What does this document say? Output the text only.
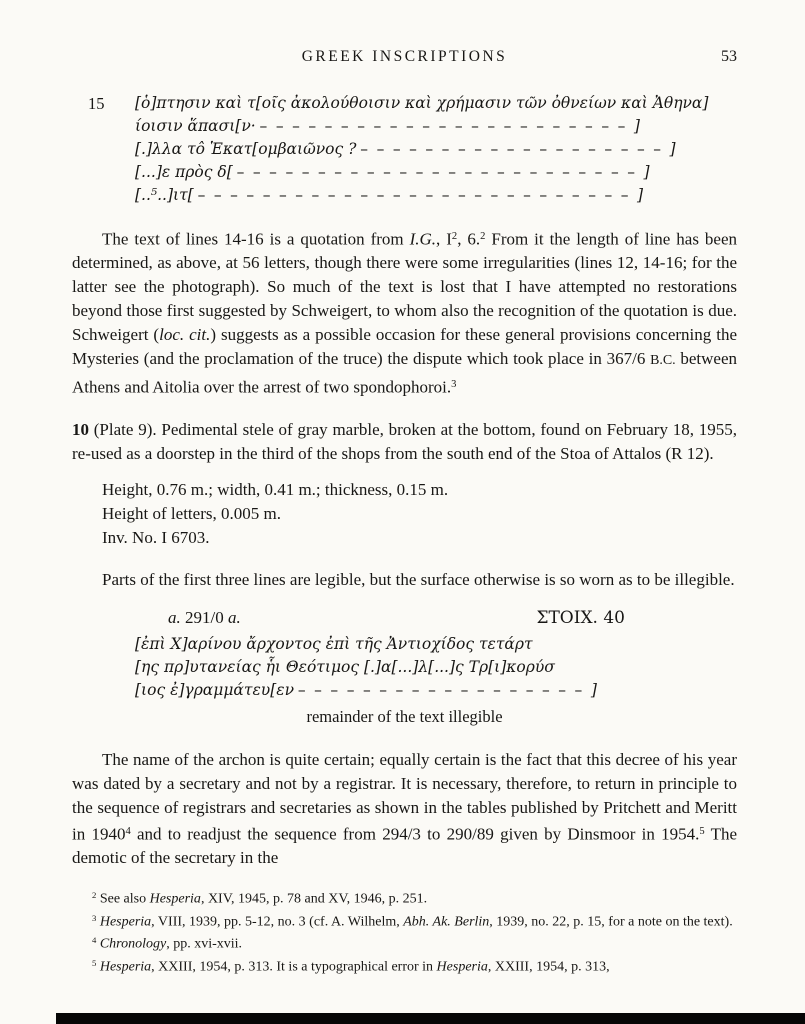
GREEK INSCRIPTIONS	53
15	[ὁ]πτησιν καὶ τ[οῖς ἀκολούθοισιν καὶ χρήμασιν τῶν ὀθνείων καὶ Ἀθηνα]
ίοισιν ἅπασι[ν· –––––––––––––––––––––––]
[.]λλα τô Ἑκατ[ομβαιῶνος ? –––––––––––––––––––]
[...]ε πρὸς δ[ –––––––––––––––––––––––––]
[..⁵..]ιτ[ –––––––––––––––––––––––––––]

The text of lines 14-16 is a quotation from I.G., $I^2$, 6.$^2$ From it the length of line has been determined, as above, at 56 letters, though there were some irregularities (lines 12, 14-16; for the latter see the photograph). So much of the text is lost that I have attempted no restorations beyond those first suggested by Schweigert, to whom also the recognition of the quotation is due. Schweigert (loc. cit.) suggests as a possible occasion for these general provisions concerning the Mysteries (and the proclamation of the truce) the dispute which took place in 367/6 B.C. between Athens and Aitolia over the arrest of two spondophoroi.$^3$

10 (Plate 9). Pedimental stele of gray marble, broken at the bottom, found on February 18, 1955, re-used as a doorstep in the third of the shops from the south end of the Stoa of Attalos (R 12).

Height, 0.76 m.; width, 0.41 m.; thickness, 0.15 m.
Height of letters, 0.005 m.
Inv. No. I 6703.

Parts of the first three lines are legible, but the surface otherwise is so worn as to be illegible.

a. 291/0 a.	ΣΤΟΙΧ. 40
[ἐπὶ Χ]αρίνου ἄρχοντος ἐπὶ τῆς Ἀντιοχίδος τετάρτ
[ης πρ]υτανείας ἧι Θεότιμος [.]α[...]λ[...]ς Τρ[ι]κορύσ
[ιος ἐ]γραμμάτευ[εν ––––––––––––––––––]
remainder of the text illegible

The name of the archon is quite certain; equally certain is the fact that this decree of his year was dated by a secretary and not by a registrar. It is necessary, therefore, to return in principle to the sequence of registrars and secretaries as shown in the tables published by Pritchett and Meritt in 1940$^4$ and to readjust the sequence from 294/3 to 290/89 given by Dinsmoor in 1954.$^5$ The demotic of the secretary in the

$^2$ See also Hesperia, XIV, 1945, p. 78 and XV, 1946, p. 251.

$^3$ Hesperia, VIII, 1939, pp. 5-12, no. 3 (cf. A. Wilhelm, Abh. Ak. Berlin, 1939, no. 22, p. 15, for a note on the text).

$^4$ Chronology, pp. xvi-xvii.

$^5$ Hesperia, XXIII, 1954, p. 313. It is a typographical error in Hesperia, XXIII, 1954, p. 313,
